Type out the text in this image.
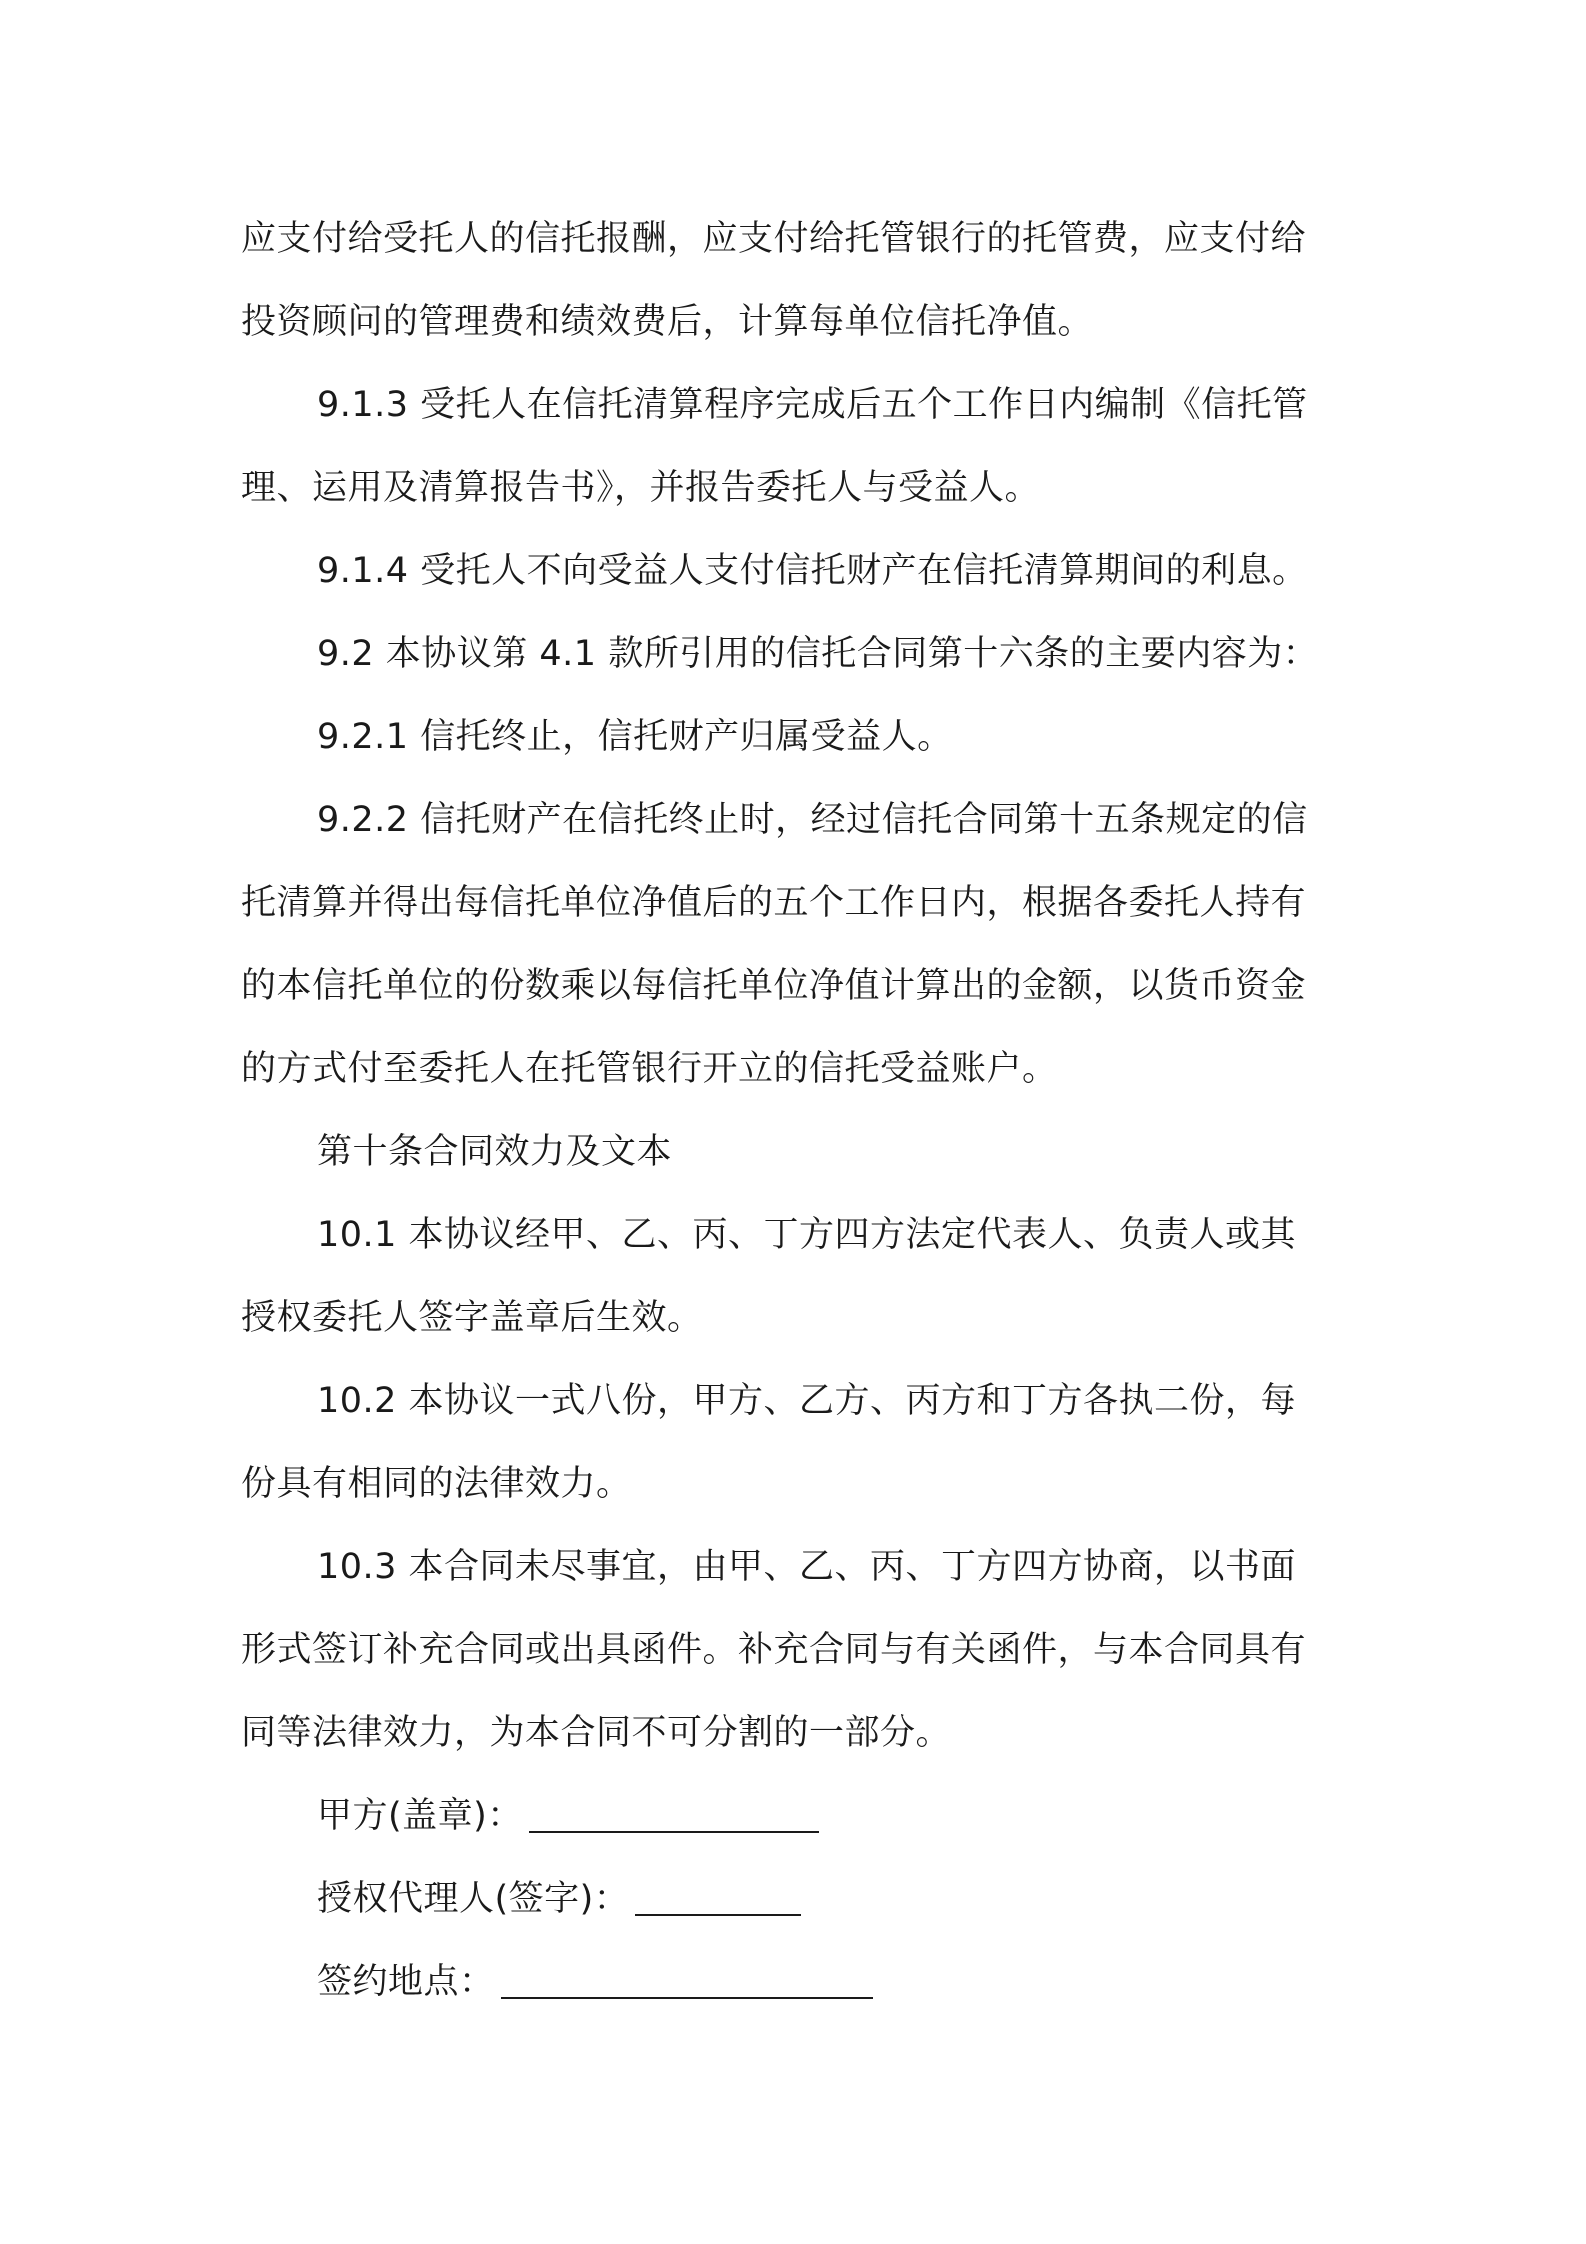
应支付给受托人的信托报酬，应支付给托管银行的托管费，应支付给
投资顾问的管理费和绩效费后，计算每单位信托净值。
9.1.3 受托人在信托清算程序完成后五个工作日内编制《信托管
理、运用及清算报告书》，并报告委托人与受益人。
9.1.4 受托人不向受益人支付信托财产在信托清算期间的利息。
9.2 本协议第 4.1 款所引用的信托合同第十六条的主要内容为：
9.2.1 信托终止，信托财产归属受益人。
9.2.2 信托财产在信托终止时，经过信托合同第十五条规定的信
托清算并得出每信托单位净值后的五个工作日内，根据各委托人持有
的本信托单位的份数乘以每信托单位净值计算出的金额，以货币资金
的方式付至委托人在托管银行开立的信托受益账户。
第十条合同效力及文本
10.1 本协议经甲、乙、丙、丁方四方法定代表人、负责人或其
授权委托人签字盖章后生效。
10.2 本协议一式八份，甲方、乙方、丙方和丁方各执二份，每
份具有相同的法律效力。
10.3 本合同未尽事宜，由甲、乙、丙、丁方四方协商，以书面
形式签订补充合同或出具函件。补充合同与有关函件，与本合同具有
同等法律效力，为本合同不可分割的一部分。
甲方(盖章)：
授权代理人(签字)：
签约地点：
